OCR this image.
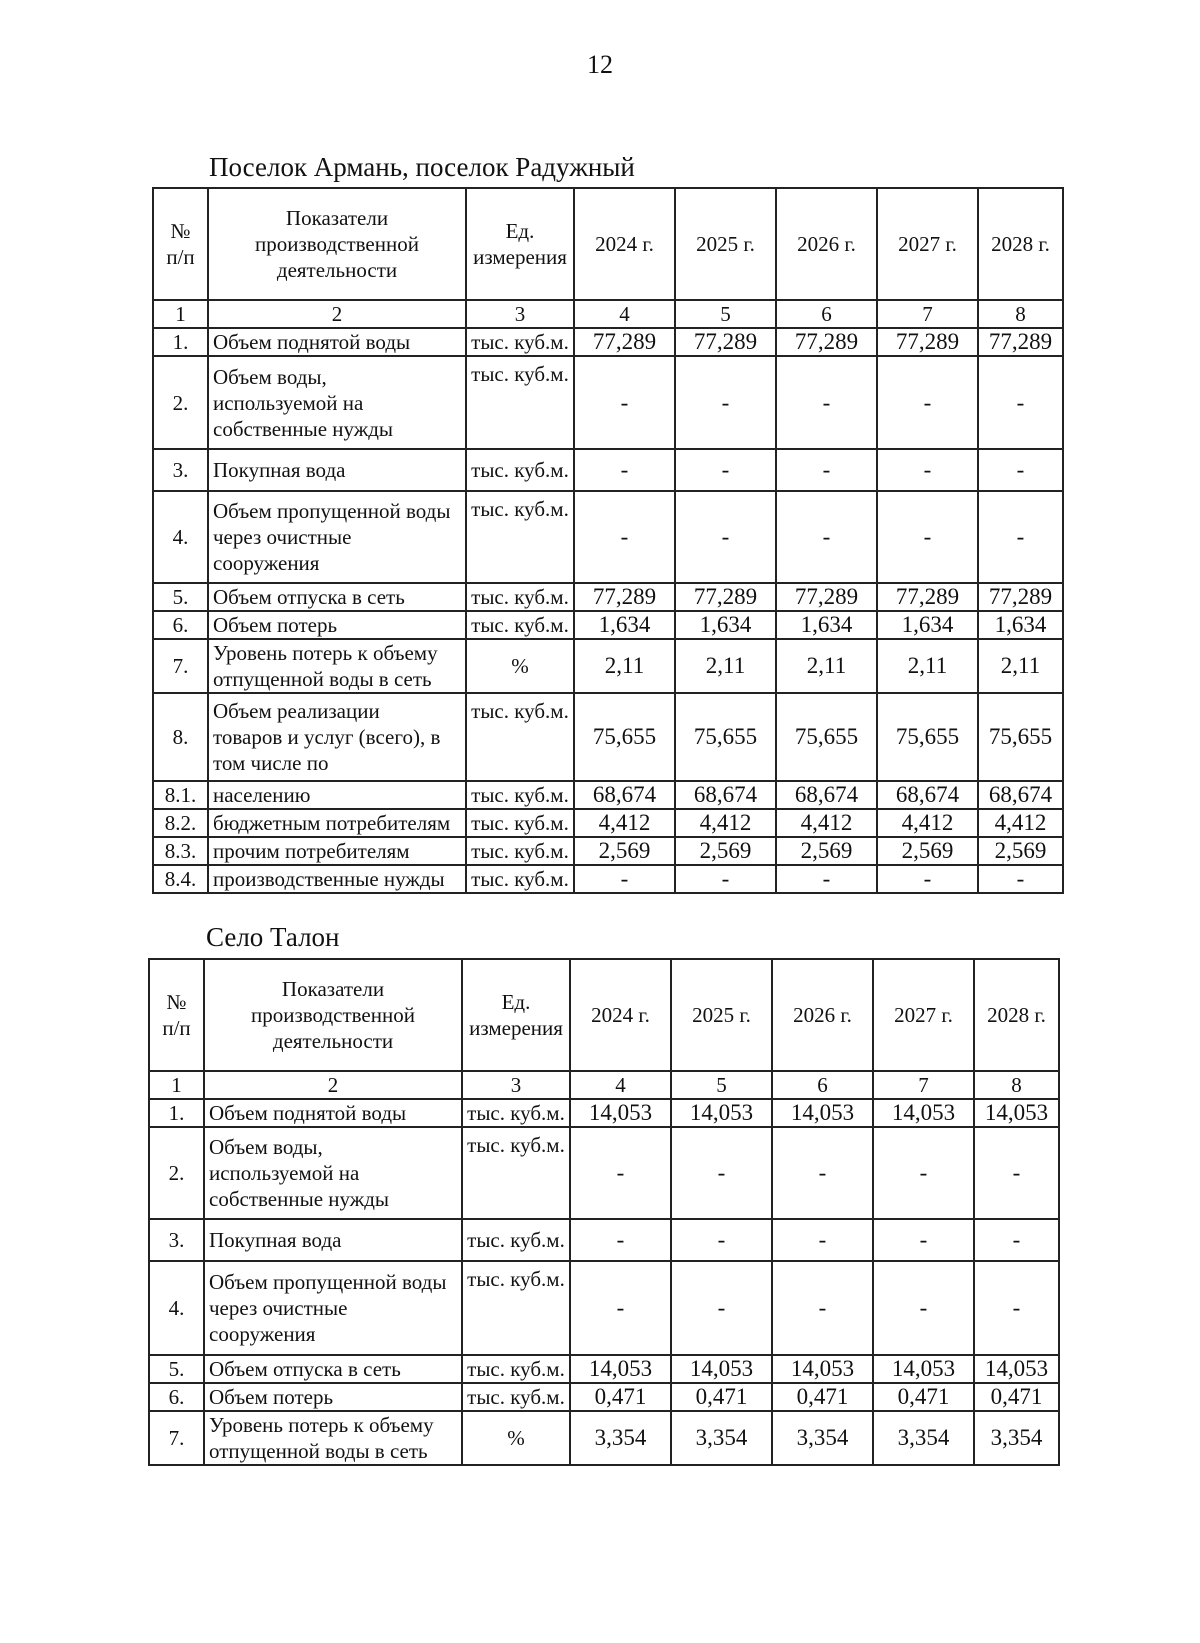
12
Поселок Армань, поселок Радужный
№
п/п	Показатели
производственной
деятельности	Ед.
измерения	2024 г.	2025 г.	2026 г.	2027 г.	2028 г.
1	2	3	4	5	6	7	8
1.	Объем поднятой воды	тыс. куб.м.	77,289	77,289	77,289	77,289	77,289
2.	Объем воды,
используемой на
собственные нужды	тыс. куб.м.	-	-	-	-	-
3.	Покупная вода	тыс. куб.м.	-	-	-	-	-
4.	Объем пропущенной воды
через очистные
сооружения	тыс. куб.м.	-	-	-	-	-
5.	Объем отпуска в сеть	тыс. куб.м.	77,289	77,289	77,289	77,289	77,289
6.	Объем потерь	тыс. куб.м.	1,634	1,634	1,634	1,634	1,634
7.	Уровень потерь к объему
отпущенной воды в сеть	%	2,11	2,11	2,11	2,11	2,11
8.	Объем реализации
товаров и услуг (всего), в
том числе по	тыс. куб.м.	75,655	75,655	75,655	75,655	75,655
8.1.	населению	тыс. куб.м.	68,674	68,674	68,674	68,674	68,674
8.2.	бюджетным потребителям	тыс. куб.м.	4,412	4,412	4,412	4,412	4,412
8.3.	прочим потребителям	тыс. куб.м.	2,569	2,569	2,569	2,569	2,569
8.4.	производственные нужды	тыс. куб.м.	-	-	-	-	-
Село Талон
№
п/п	Показатели
производственной
деятельности	Ед.
измерения	2024 г.	2025 г.	2026 г.	2027 г.	2028 г.
1	2	3	4	5	6	7	8
1.	Объем поднятой воды	тыс. куб.м.	14,053	14,053	14,053	14,053	14,053
2.	Объем воды,
используемой на
собственные нужды	тыс. куб.м.	-	-	-	-	-
3.	Покупная вода	тыс. куб.м.	-	-	-	-	-
4.	Объем пропущенной воды
через очистные
сооружения	тыс. куб.м.	-	-	-	-	-
5.	Объем отпуска в сеть	тыс. куб.м.	14,053	14,053	14,053	14,053	14,053
6.	Объем потерь	тыс. куб.м.	0,471	0,471	0,471	0,471	0,471
7.	Уровень потерь к объему
отпущенной воды в сеть	%	3,354	3,354	3,354	3,354	3,354
